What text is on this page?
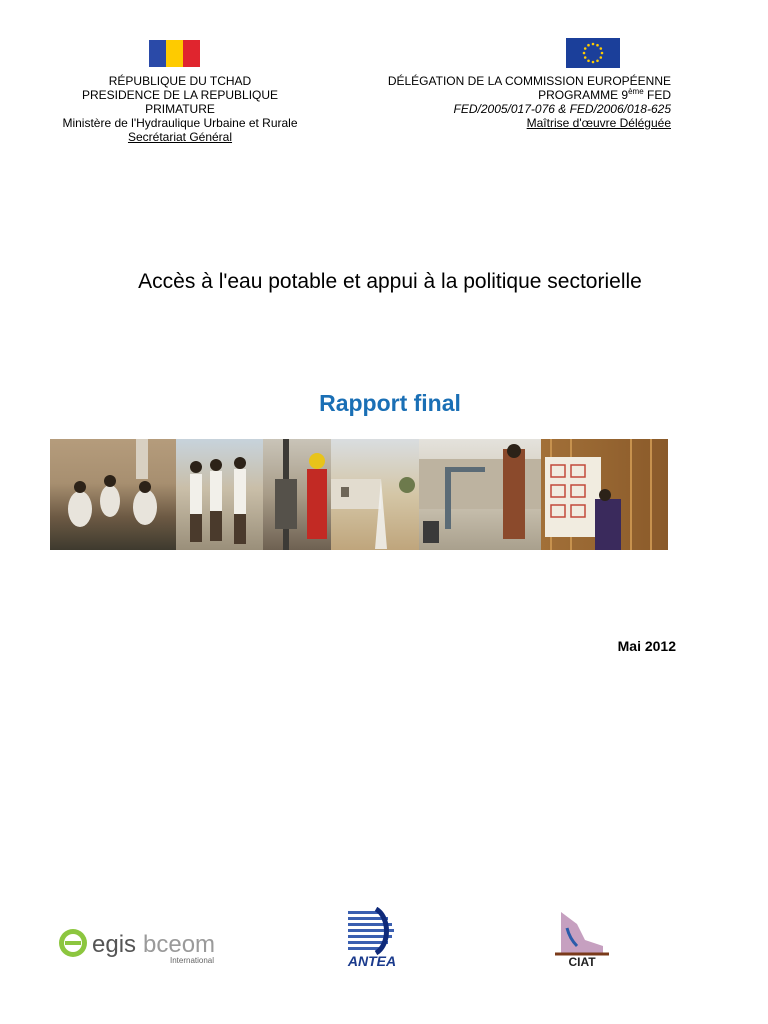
RÉPUBLIQUE DU TCHAD
PRESIDENCE DE LA REPUBLIQUE
PRIMATURE
Ministère de l'Hydraulique Urbaine et Rurale
Secrétariat Général
DÉLÉGATION DE LA COMMISSION EUROPÉENNE
PROGRAMME 9ème FED
FED/2005/017-076 & FED/2006/018-625
Maîtrise d'œuvre Déléguée
Accès à l'eau potable et appui à la politique sectorielle
Rapport final
Mai 2012
egis bceom
International	ANTEA	CIAT
